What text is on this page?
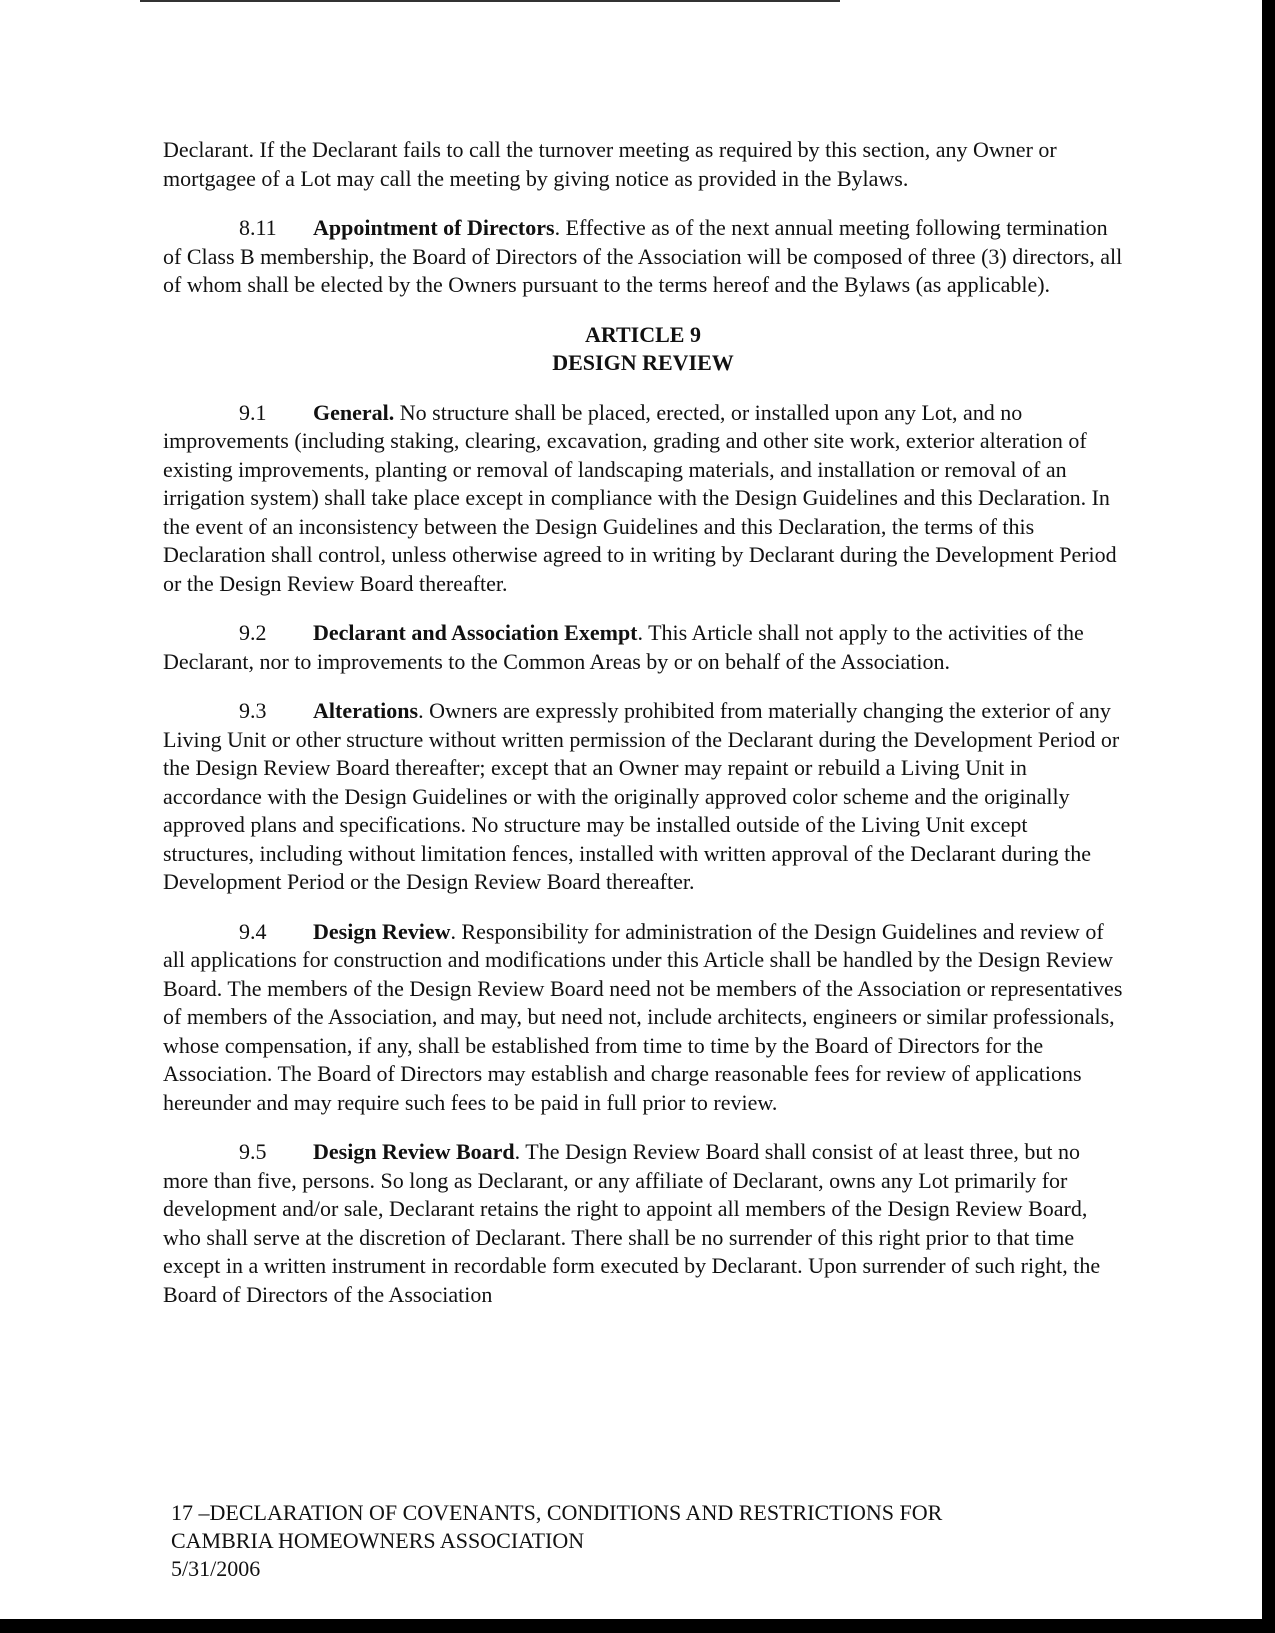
Declarant. If the Declarant fails to call the turnover meeting as required by this section, any Owner or mortgagee of a Lot may call the meeting by giving notice as provided in the Bylaws.

8.11 Appointment of Directors. Effective as of the next annual meeting following termination of Class B membership, the Board of Directors of the Association will be composed of three (3) directors, all of whom shall be elected by the Owners pursuant to the terms hereof and the Bylaws (as applicable).

ARTICLE 9
DESIGN REVIEW

9.1 General. No structure shall be placed, erected, or installed upon any Lot, and no improvements (including staking, clearing, excavation, grading and other site work, exterior alteration of existing improvements, planting or removal of landscaping materials, and installation or removal of an irrigation system) shall take place except in compliance with the Design Guidelines and this Declaration. In the event of an inconsistency between the Design Guidelines and this Declaration, the terms of this Declaration shall control, unless otherwise agreed to in writing by Declarant during the Development Period or the Design Review Board thereafter.

9.2 Declarant and Association Exempt. This Article shall not apply to the activities of the Declarant, nor to improvements to the Common Areas by or on behalf of the Association.

9.3 Alterations. Owners are expressly prohibited from materially changing the exterior of any Living Unit or other structure without written permission of the Declarant during the Development Period or the Design Review Board thereafter; except that an Owner may repaint or rebuild a Living Unit in accordance with the Design Guidelines or with the originally approved color scheme and the originally approved plans and specifications. No structure may be installed outside of the Living Unit except structures, including without limitation fences, installed with written approval of the Declarant during the Development Period or the Design Review Board thereafter.

9.4 Design Review. Responsibility for administration of the Design Guidelines and review of all applications for construction and modifications under this Article shall be handled by the Design Review Board. The members of the Design Review Board need not be members of the Association or representatives of members of the Association, and may, but need not, include architects, engineers or similar professionals, whose compensation, if any, shall be established from time to time by the Board of Directors for the Association. The Board of Directors may establish and charge reasonable fees for review of applications hereunder and may require such fees to be paid in full prior to review.

9.5 Design Review Board. The Design Review Board shall consist of at least three, but no more than five, persons. So long as Declarant, or any affiliate of Declarant, owns any Lot primarily for development and/or sale, Declarant retains the right to appoint all members of the Design Review Board, who shall serve at the discretion of Declarant. There shall be no surrender of this right prior to that time except in a written instrument in recordable form executed by Declarant. Upon surrender of such right, the Board of Directors of the Association

17 –DECLARATION OF COVENANTS, CONDITIONS AND RESTRICTIONS FOR
CAMBRIA HOMEOWNERS ASSOCIATION
5/31/2006
